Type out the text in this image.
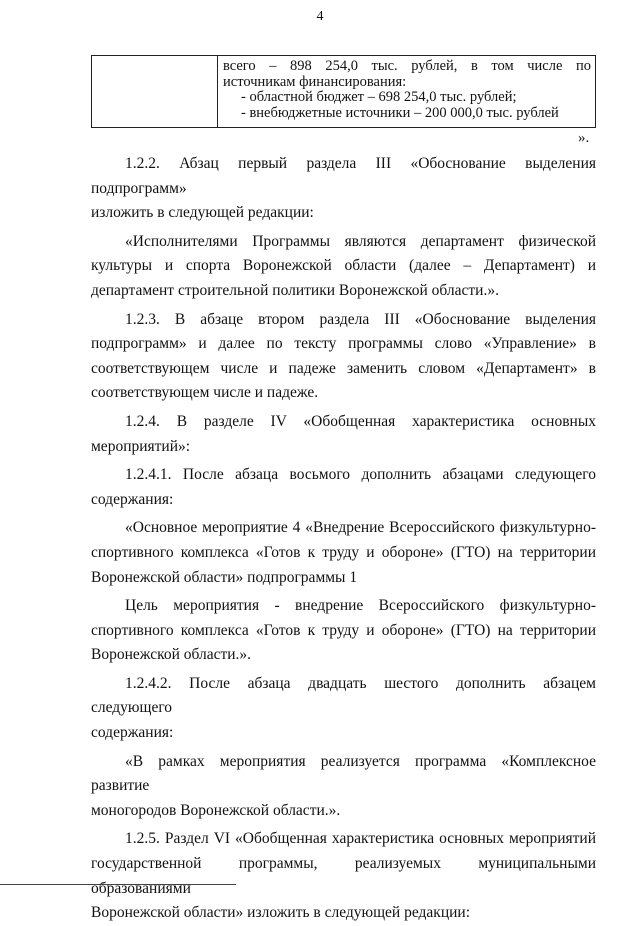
4

всего – 898 254,0 тыс. рублей, в том числе по
источникам финансирования:
- областной бюджет – 698 254,0 тыс. рублей;
- внебюджетные источники – 200 000,0 тыс. рублей
».

1.2.2. Абзац первый раздела III «Обоснование выделения подпрограмм»
изложить в следующей редакции:

«Исполнителями Программы являются департамент физической
культуры и спорта Воронежской области (далее – Департамент) и
департамент строительной политики Воронежской области.».

1.2.3. В абзаце втором раздела III «Обоснование выделения
подпрограмм» и далее по тексту программы слово «Управление» в
соответствующем числе и падеже заменить словом «Департамент» в
соответствующем числе и падеже.

1.2.4. В разделе IV «Обобщенная характеристика основных
мероприятий»:

1.2.4.1. После абзаца восьмого дополнить абзацами следующего
содержания:

«Основное мероприятие 4 «Внедрение Всероссийского физкультурно-
спортивного комплекса «Готов к труду и обороне» (ГТО) на территории
Воронежской области» подпрограммы 1

Цель мероприятия - внедрение Всероссийского физкультурно-
спортивного комплекса «Готов к труду и обороне» (ГТО) на территории
Воронежской области.».

1.2.4.2. После абзаца двадцать шестого дополнить абзацем следующего
содержания:

«В рамках мероприятия реализуется программа «Комплексное развитие
моногородов Воронежской области.».

1.2.5. Раздел VI «Обобщенная характеристика основных мероприятий
государственной программы, реализуемых муниципальными образованиями
Воронежской области» изложить в следующей редакции:
